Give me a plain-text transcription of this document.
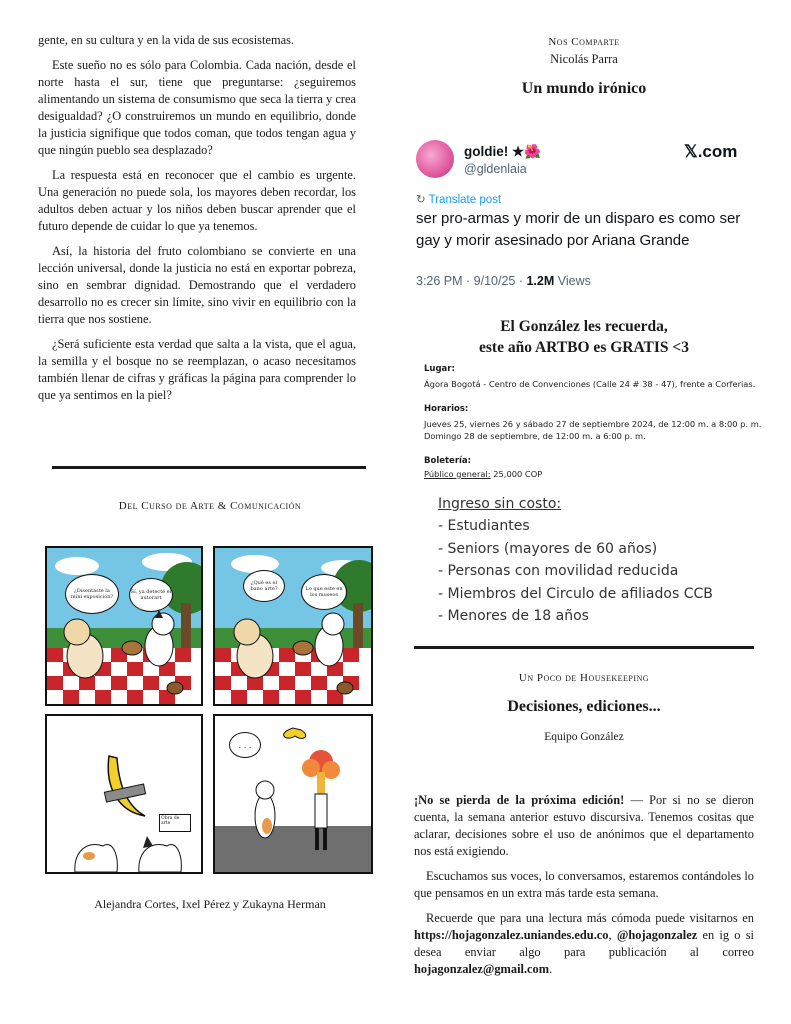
gente, en su cultura y en la vida de sus ecosistemas.

Este sueño no es sólo para Colombia. Cada nación, desde el norte hasta el sur, tiene que preguntarse: ¿seguiremos alimentando un sistema de consumismo que seca la tierra y crea desigualdad? ¿O construiremos un mundo en equilibrio, donde la justicia signifique que todos coman, que todos tengan agua y que ningún pueblo sea desplazado?

La respuesta está en reconocer que el cambio es urgente. Una generación no puede sola, los mayores deben recordar, los adultos deben actuar y los niños deben buscar aprender que el futuro depende de cuidar lo que ya tenemos.

Así, la historia del fruto colombiano se convierte en una lección universal, donde la justicia no está en exportar pobreza, sino en sembrar dignidad. Demostrando que el verdadero desarrollo no es crecer sin límite, sino vivir en equilibrio con la tierra que nos sostiene.

¿Será suficiente esta verdad que salta a la vista, que el agua, la semilla y el bosque no se reemplazan, o acaso necesitamos también llenar de cifras y gráficas la página para comprender lo que ya sentimos en la piel?

Del Curso de Arte & Comunicación
¿Disentaste la mini exposición?
Sí, ya detecté el autorart
¿Qué es el bano arte?	Lo que este en los museos
Obra de arte
. . .
Alejandra Cortes, Ixel Pérez y Zukayna Herman
Nos Comparte
Nicolás Parra
Un mundo irónico
goldie! ★🌺
@gldenlaia
𝕏.com
↻ Translate post
ser pro-armas y morir de un disparo es como ser gay y morir asesinado por Ariana Grande
3:26 PM · 9/10/25 · 1.2M Views
El González les recuerda,
este año ARTBO es GRATIS <3
Lugar:
Ágora Bogotá - Centro de Convenciones (Calle 24 # 38 - 47), frente a Corferias.
Horarios:
Jueves 25, viernes 26 y sábado 27 de septiembre 2024, de 12:00 m. a 8:00 p. m.
Domingo 28 de septiembre, de 12:00 m. a 6:00 p. m.
Boletería:
Público general: 25,000 COP
Ingreso sin costo:
- Estudiantes
- Seniors (mayores de 60 años)
- Personas con movilidad reducida
- Miembros del Circulo de afiliados CCB
- Menores de 18 años
Un Poco de Housekeeping
Decisiones, ediciones...
Equipo González

¡No se pierda de la próxima edición! — Por si no se dieron cuenta, la semana anterior estuvo discursiva. Tenemos cositas que aclarar, decisiones sobre el uso de anónimos que el departamento nos está exigiendo.

Escuchamos sus voces, lo conversamos, estaremos contándoles lo que pensamos en un extra más tarde esta semana.

Recuerde que para una lectura más cómoda puede visitarnos en https://hojagonzalez.uniandes.edu.co, @hojagonzalez en ig o si desea enviar algo para publicación al correo hojagonzalez@gmail.com.
